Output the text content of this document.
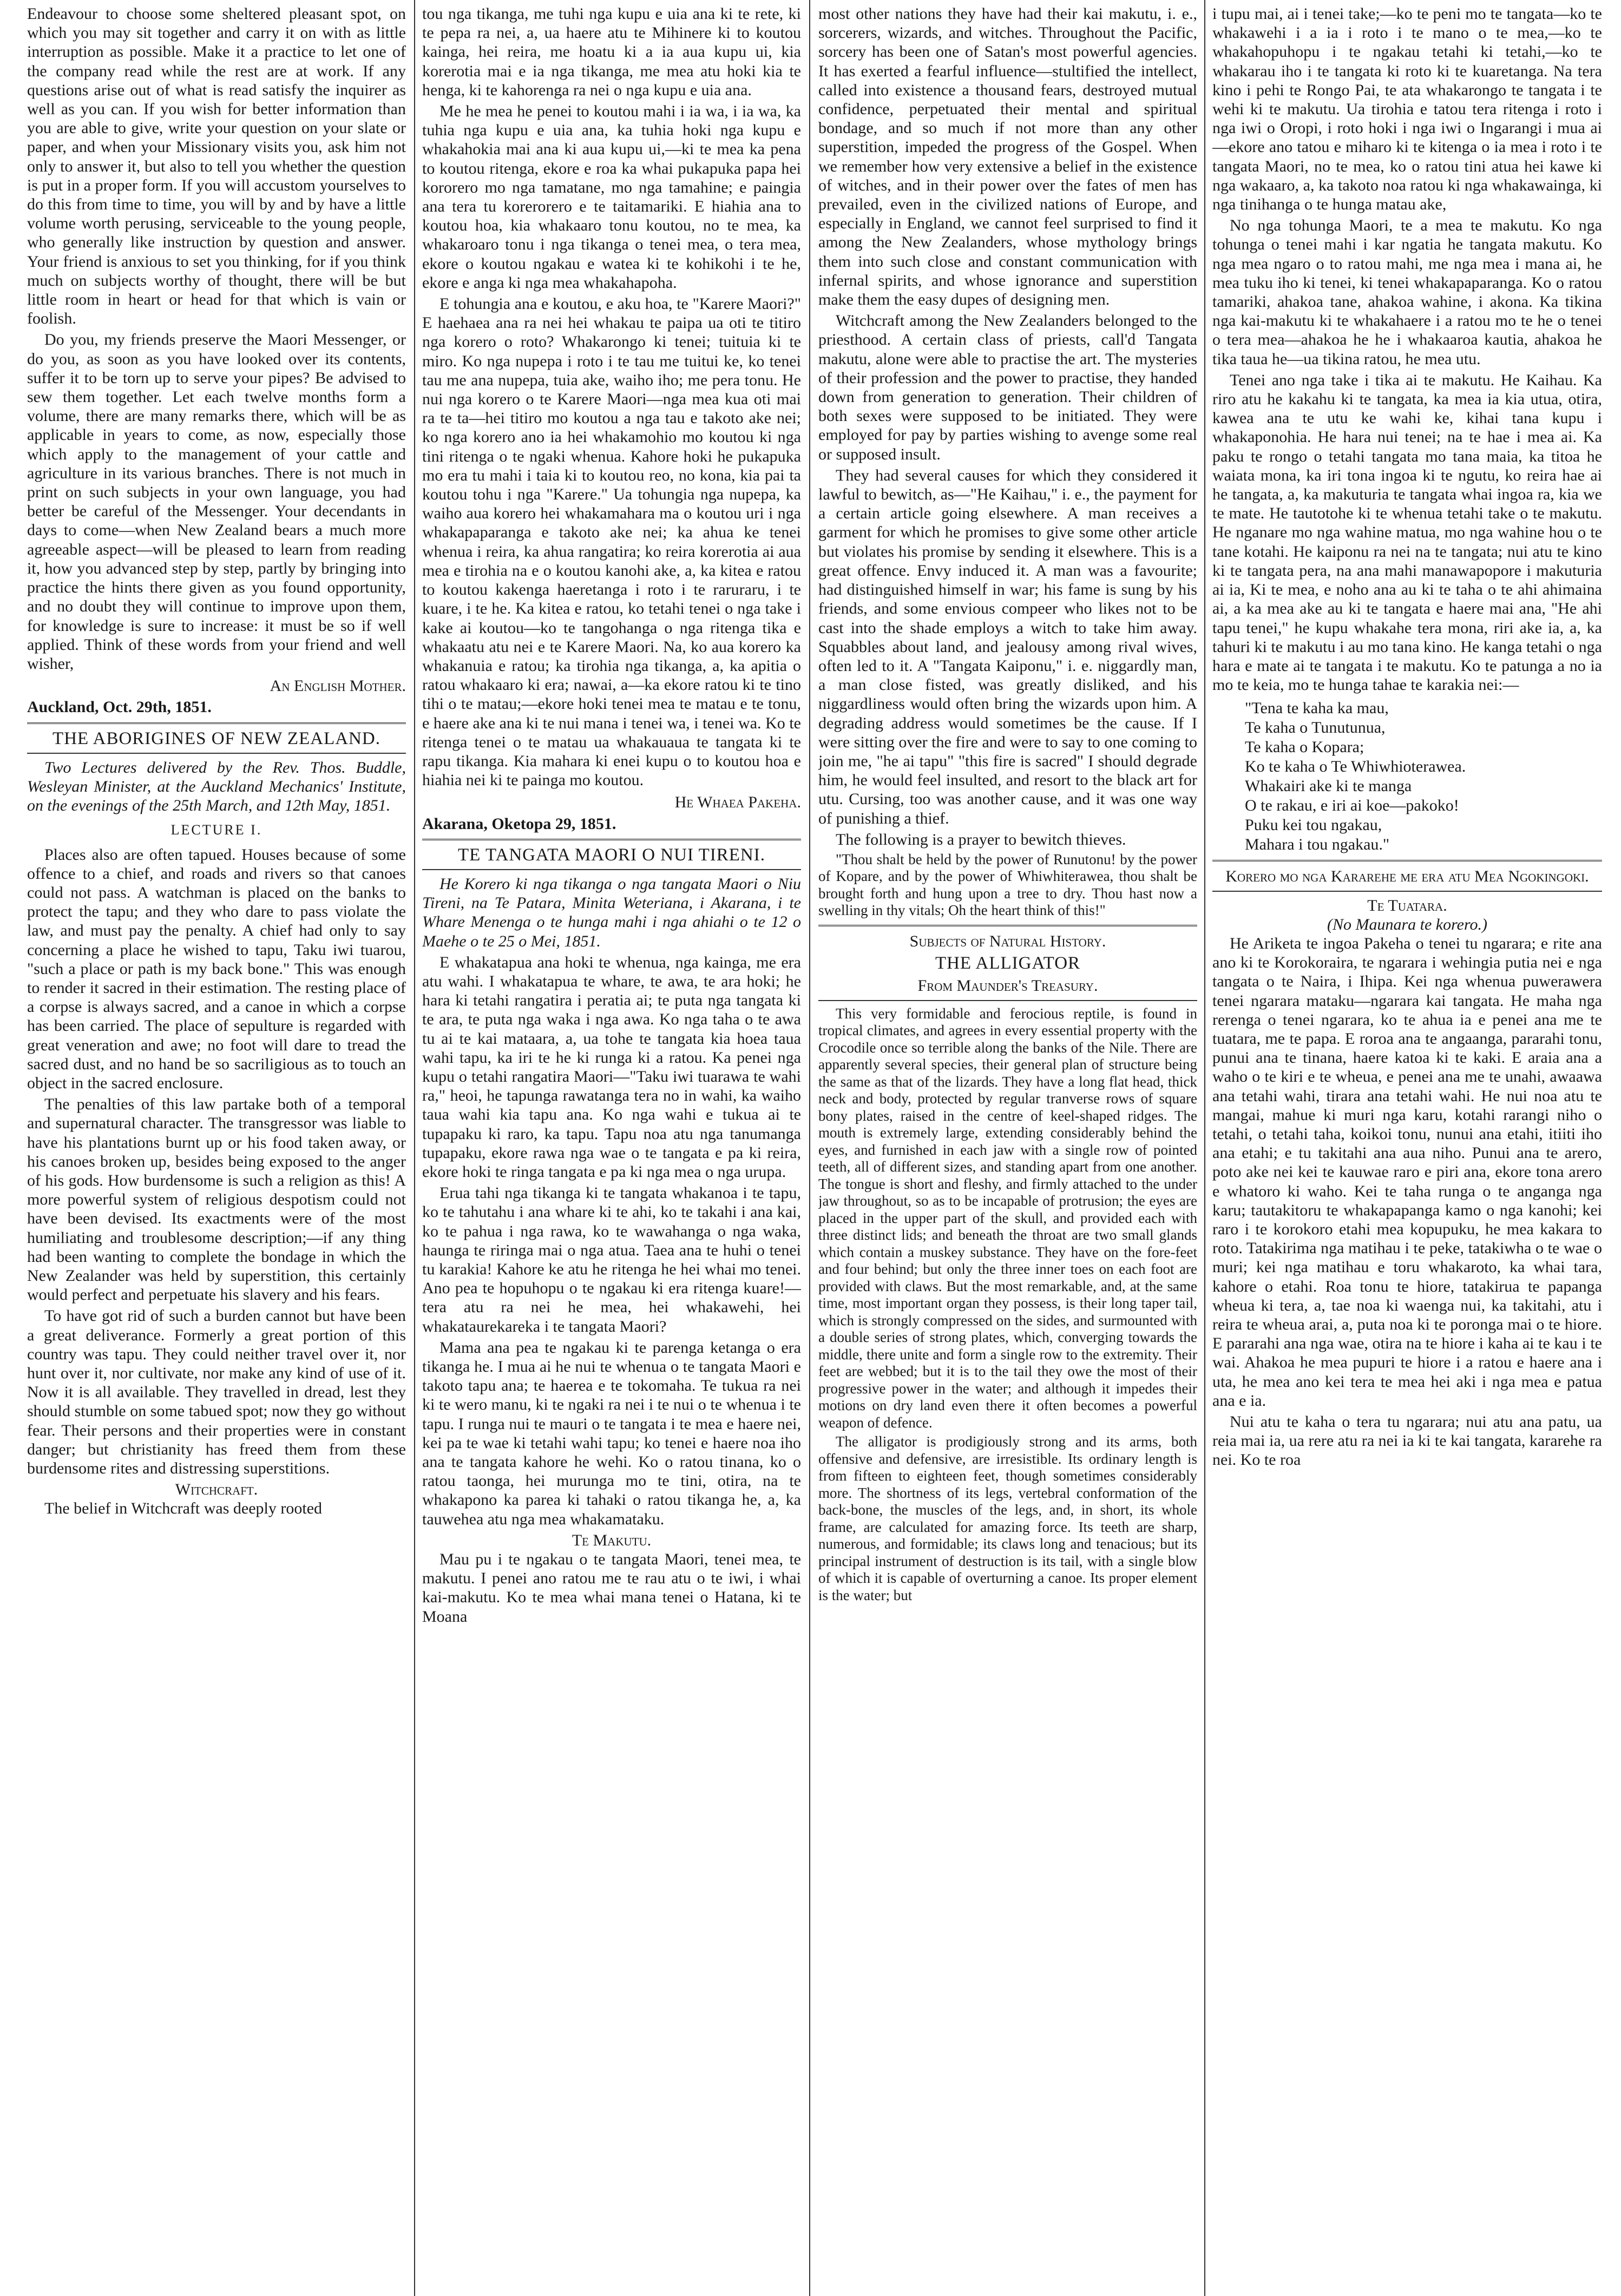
Endeavour to choose some sheltered pleasant spot, on which you may sit together and carry it on with as little interruption as possible. Make it a practice to let one of the company read while the rest are at work. If any questions arise out of what is read satisfy the inquirer as well as you can. If you wish for better information than you are able to give, write your question on your slate or paper, and when your Missionary visits you, ask him not only to answer it, but also to tell you whether the question is put in a proper form. If you will accustom yourselves to do this from time to time, you will by and by have a little volume worth perusing, serviceable to the young people, who generally like instruction by question and answer. Your friend is anxious to set you thinking, for if you think much on subjects worthy of thought, there will be but little room in heart or head for that which is vain or foolish.

Do you, my friends preserve the Maori Messenger, or do you, as soon as you have looked over its contents, suffer it to be torn up to serve your pipes? Be advised to sew them together. Let each twelve months form a volume, there are many remarks there, which will be as applicable in years to come, as now, especially those which apply to the management of your cattle and agriculture in its various branches. There is not much in print on such subjects in your own language, you had better be careful of the Messenger. Your decendants in days to come—when New Zealand bears a much more agreeable aspect—will be pleased to learn from reading it, how you advanced step by step, partly by bringing into practice the hints there given as you found opportunity, and no doubt they will continue to improve upon them, for knowledge is sure to increase: it must be so if well applied. Think of these words from your friend and well wisher,

An English Mother.
Auckland, Oct. 29th, 1851.
THE ABORIGINES OF NEW ZEALAND.

Two Lectures delivered by the Rev. Thos. Buddle, Wesleyan Minister, at the Auckland Mechanics' Institute, on the evenings of the 25th March, and 12th May, 1851.

LECTURE I.

Places also are often tapued. Houses because of some offence to a chief, and roads and rivers so that canoes could not pass. A watchman is placed on the banks to protect the tapu; and they who dare to pass violate the law, and must pay the penalty. A chief had only to say concerning a place he wished to tapu, Taku iwi tuarou, "such a place or path is my back bone." This was enough to render it sacred in their estimation. The resting place of a corpse is always sacred, and a canoe in which a corpse has been carried. The place of sepulture is regarded with great veneration and awe; no foot will dare to tread the sacred dust, and no hand be so sacriligious as to touch an object in the sacred enclosure.

The penalties of this law partake both of a temporal and supernatural character. The transgressor was liable to have his plantations burnt up or his food taken away, or his canoes broken up, besides being exposed to the anger of his gods. How burdensome is such a religion as this! A more powerful system of religious despotism could not have been devised. Its exactments were of the most humiliating and troublesome description;—if any thing had been wanting to complete the bondage in which the New Zealander was held by superstition, this certainly would perfect and perpetuate his slavery and his fears.

To have got rid of such a burden cannot but have been a great deliverance. Formerly a great portion of this country was tapu. They could neither travel over it, nor hunt over it, nor cultivate, nor make any kind of use of it. Now it is all available. They travelled in dread, lest they should stumble on some tabued spot; now they go without fear. Their persons and their properties were in constant danger; but christianity has freed them from these burdensome rites and distressing superstitions.

Witchcraft.

The belief in Witchcraft was deeply rooted

tou nga tikanga, me tuhi nga kupu e uia ana ki te rete, ki te pepa ra nei, a, ua haere atu te Mihinere ki to koutou kainga, hei reira, me hoatu ki a ia aua kupu ui, kia korerotia mai e ia nga tikanga, me mea atu hoki kia te henga, ki te kahorenga ra nei o nga kupu e uia ana.

Me he mea he penei to koutou mahi i ia wa, i ia wa, ka tuhia nga kupu e uia ana, ka tuhia hoki nga kupu e whakahokia mai ana ki aua kupu ui,—ki te mea ka pena to koutou ritenga, ekore e roa ka whai pukapuka papa hei kororero mo nga tamatane, mo nga tamahine; e paingia ana tera tu korerorero e te taitamariki. E hiahia ana to koutou hoa, kia whakaaro tonu koutou, no te mea, ka whakaroaro tonu i nga tikanga o tenei mea, o tera mea, ekore o koutou ngakau e watea ki te kohikohi i te he, ekore e anga ki nga mea whakahapoha.

E tohungia ana e koutou, e aku hoa, te "Karere Maori?" E haehaea ana ra nei hei whakau te paipa ua oti te titiro nga korero o roto? Whakarongo ki tenei; tuituia ki te miro. Ko nga nupepa i roto i te tau me tuitui ke, ko tenei tau me ana nupepa, tuia ake, waiho iho; me pera tonu. He nui nga korero o te Karere Maori—nga mea kua oti mai ra te ta—hei titiro mo koutou a nga tau e takoto ake nei; ko nga korero ano ia hei whakamohio mo koutou ki nga tini ritenga o te ngaki whenua. Kahore hoki he pukapuka mo era tu mahi i taia ki to koutou reo, no kona, kia pai ta koutou tohu i nga "Karere." Ua tohungia nga nupepa, ka waiho aua korero hei whakamahara ma o koutou uri i nga whakapaparanga e takoto ake nei; ka ahua ke tenei whenua i reira, ka ahua rangatira; ko reira korerotia ai aua mea e tirohia na e o koutou kanohi ake, a, ka kitea e ratou to koutou kakenga haeretanga i roto i te raruraru, i te kuare, i te he. Ka kitea e ratou, ko tetahi tenei o nga take i kake ai koutou—ko te tangohanga o nga ritenga tika e whakaatu atu nei e te Karere Maori. Na, ko aua korero ka whakanuia e ratou; ka tirohia nga tikanga, a, ka apitia o ratou whakaaro ki era; nawai, a—ka ekore ratou ki te tino tihi o te matau;—ekore hoki tenei mea te matau e te tonu, e haere ake ana ki te nui mana i tenei wa, i tenei wa. Ko te ritenga tenei o te matau ua whakauaua te tangata ki te rapu tikanga. Kia mahara ki enei kupu o to koutou hoa e hiahia nei ki te painga mo koutou.

He Whaea Pakeha.
Akarana, Oketopa 29, 1851.
TE TANGATA MAORI O NUI TIRENI.

He Korero ki nga tikanga o nga tangata Maori o Niu Tireni, na Te Patara, Minita Weteriana, i Akarana, i te Whare Menenga o te hunga mahi i nga ahiahi o te 12 o Maehe o te 25 o Mei, 1851.

E whakatapua ana hoki te whenua, nga kainga, me era atu wahi. I whakatapua te whare, te awa, te ara hoki; he hara ki tetahi rangatira i peratia ai; te puta nga tangata ki te ara, te puta nga waka i nga awa. Ko nga taha o te awa tu ai te kai mataara, a, ua tohe te tangata kia hoea taua wahi tapu, ka iri te he ki runga ki a ratou. Ka penei nga kupu o tetahi rangatira Maori—"Taku iwi tuarawa te wahi ra," heoi, he tapunga rawatanga tera no in wahi, ka waiho taua wahi kia tapu ana. Ko nga wahi e tukua ai te tupapaku ki raro, ka tapu. Tapu noa atu nga tanumanga tupapaku, ekore rawa nga wae o te tangata e pa ki reira, ekore hoki te ringa tangata e pa ki nga mea o nga urupa.

Erua tahi nga tikanga ki te tangata whakanoa i te tapu, ko te tahutahu i ana whare ki te ahi, ko te takahi i ana kai, ko te pahua i nga rawa, ko te wawahanga o nga waka, haunga te riringa mai o nga atua. Taea ana te huhi o tenei tu karakia! Kahore ke atu he ritenga he hei whai mo tenei. Ano pea te hopuhopu o te ngakau ki era ritenga kuare!—tera atu ra nei he mea, hei whakawehi, hei whakataurekareka i te tangata Maori?

Mama ana pea te ngakau ki te parenga ketanga o era tikanga he. I mua ai he nui te whenua o te tangata Maori e takoto tapu ana; te haerea e te tokomaha. Te tukua ra nei ki te wero manu, ki te ngaki ra nei i te nui o te whenua i te tapu. I runga nui te mauri o te tangata i te mea e haere nei, kei pa te wae ki tetahi wahi tapu; ko tenei e haere noa iho ana te tangata kahore he wehi. Ko o ratou tinana, ko o ratou taonga, hei murunga mo te tini, otira, na te whakapono ka parea ki tahaki o ratou tikanga he, a, ka tauwehea atu nga mea whakamataku.

Te Makutu.

Mau pu i te ngakau o te tangata Maori, tenei mea, te makutu. I penei ano ratou me te rau atu o te iwi, i whai kai-makutu. Ko te mea whai mana tenei o Hatana, ki te Moana

most other nations they have had their kai makutu, i. e., sorcerers, wizards, and witches. Throughout the Pacific, sorcery has been one of Satan's most powerful agencies. It has exerted a fearful influence—stultified the intellect, called into existence a thousand fears, destroyed mutual confidence, perpetuated their mental and spiritual bondage, and so much if not more than any other superstition, impeded the progress of the Gospel. When we remember how very extensive a belief in the existence of witches, and in their power over the fates of men has prevailed, even in the civilized nations of Europe, and especially in England, we cannot feel surprised to find it among the New Zealanders, whose mythology brings them into such close and constant communication with infernal spirits, and whose ignorance and superstition make them the easy dupes of designing men.

Witchcraft among the New Zealanders belonged to the priesthood. A certain class of priests, call'd Tangata makutu, alone were able to practise the art. The mysteries of their profession and the power to practise, they handed down from generation to generation. Their children of both sexes were supposed to be initiated. They were employed for pay by parties wishing to avenge some real or supposed insult.

They had several causes for which they considered it lawful to bewitch, as—"He Kaihau," i. e., the payment for a certain article going elsewhere. A man receives a garment for which he promises to give some other article but violates his promise by sending it elsewhere. This is a great offence. Envy induced it. A man was a favourite; had distinguished himself in war; his fame is sung by his friends, and some envious compeer who likes not to be cast into the shade employs a witch to take him away. Squabbles about land, and jealousy among rival wives, often led to it. A "Tangata Kaiponu," i. e. niggardly man, a man close fisted, was greatly disliked, and his niggardliness would often bring the wizards upon him. A degrading address would sometimes be the cause. If I were sitting over the fire and were to say to one coming to join me, "he ai tapu" "this fire is sacred" I should degrade him, he would feel insulted, and resort to the black art for utu. Cursing, too was another cause, and it was one way of punishing a thief.

The following is a prayer to bewitch thieves.

"Thou shalt be held by the power of Runutonu! by the power of Kopare, and by the power of Whiwhiterawea, thou shalt be brought forth and hung upon a tree to dry. Thou hast now a swelling in thy vitals; Oh the heart think of this!"

Subjects of Natural History.
THE ALLIGATOR
From Maunder's Treasury.

This very formidable and ferocious reptile, is found in tropical climates, and agrees in every essential property with the Crocodile once so terrible along the banks of the Nile. There are apparently several species, their general plan of structure being the same as that of the lizards. They have a long flat head, thick neck and body, protected by regular tranverse rows of square bony plates, raised in the centre of keel-shaped ridges. The mouth is extremely large, extending considerably behind the eyes, and furnished in each jaw with a single row of pointed teeth, all of different sizes, and standing apart from one another. The tongue is short and fleshy, and firmly attached to the under jaw throughout, so as to be incapable of protrusion; the eyes are placed in the upper part of the skull, and provided each with three distinct lids; and beneath the throat are two small glands which contain a muskey substance. They have on the fore-feet and four behind; but only the three inner toes on each foot are provided with claws. But the most remarkable, and, at the same time, most important organ they possess, is their long taper tail, which is strongly compressed on the sides, and surmounted with a double series of strong plates, which, converging towards the middle, there unite and form a single row to the extremity. Their feet are webbed; but it is to the tail they owe the most of their progressive power in the water; and although it impedes their motions on dry land even there it often becomes a powerful weapon of defence.

The alligator is prodigiously strong and its arms, both offensive and defensive, are irresistible. Its ordinary length is from fifteen to eighteen feet, though sometimes considerably more. The shortness of its legs, vertebral conformation of the back-bone, the muscles of the legs, and, in short, its whole frame, are calculated for amazing force. Its teeth are sharp, numerous, and formidable; its claws long and tenacious; but its principal instrument of destruction is its tail, with a single blow of which it is capable of overturning a canoe. Its proper element is the water; but

i tupu mai, ai i tenei take;—ko te peni mo te tangata—ko te whakawehi i a ia i roto i te mano o te mea,—ko te whakahopuhopu i te ngakau tetahi ki tetahi,—ko te whakarau iho i te tangata ki roto ki te kuaretanga. Na tera kino i pehi te Rongo Pai, te ata whakarongo te tangata i te wehi ki te makutu. Ua tirohia e tatou tera ritenga i roto i nga iwi o Oropi, i roto hoki i nga iwi o Ingarangi i mua ai—ekore ano tatou e miharo ki te kitenga o ia mea i roto i te tangata Maori, no te mea, ko o ratou tini atua hei kawe ki nga wakaaro, a, ka takoto noa ratou ki nga whakawainga, ki nga tinihanga o te hunga matau ake,

No nga tohunga Maori, te a mea te makutu. Ko nga tohunga o tenei mahi i kar ngatia he tangata makutu. Ko nga mea ngaro o to ratou mahi, me nga mea i mana ai, he mea tuku iho ki tenei, ki tenei whakapaparanga. Ko o ratou tamariki, ahakoa tane, ahakoa wahine, i akona. Ka tikina nga kai-makutu ki te whakahaere i a ratou mo te he o tenei o tera mea—ahakoa he he i whakaaroa kautia, ahakoa he tika taua he—ua tikina ratou, he mea utu.

Tenei ano nga take i tika ai te makutu. He Kaihau. Ka riro atu he kakahu ki te tangata, ka mea ia kia utua, otira, kawea ana te utu ke wahi ke, kihai tana kupu i whakaponohia. He hara nui tenei; na te hae i mea ai. Ka paku te rongo o tetahi tangata mo tana maia, ka titoa he waiata mona, ka iri tona ingoa ki te ngutu, ko reira hae ai he tangata, a, ka makuturia te tangata whai ingoa ra, kia we te mate. He tautotohe ki te whenua tetahi take o te makutu. He nganare mo nga wahine matua, mo nga wahine hou o te tane kotahi. He kaiponu ra nei na te tangata; nui atu te kino ki te tangata pera, na ana mahi manawapopore i makuturia ai ia, Ki te mea, e noho ana au ki te taha o te ahi ahimaina ai, a ka mea ake au ki te tangata e haere mai ana, "He ahi tapu tenei," he kupu whakahe tera mona, riri ake ia, a, ka tahuri ki te makutu i au mo tana kino. He kanga tetahi o nga hara e mate ai te tangata i te makutu. Ko te patunga a no ia mo te keia, mo te hunga tahae te karakia nei:—

"Tena te kaha ka mau,
Te kaha o Tunutunua,
Te kaha o Kopara;
Ko te kaha o Te Whiwhioterawea.
Whakairi ake ki te manga
O te rakau, e iri ai koe—pakoko!
Puku kei tou ngakau,
Mahara i tou ngakau."
Korero mo nga Kararehe me era atu Mea Ngokingoki.
Te Tuatara.
(No Maunara te korero.)

He Ariketa te ingoa Pakeha o tenei tu ngarara; e rite ana ano ki te Korokoraira, te ngarara i wehingia putia nei e nga tangata o te Naira, i Ihipa. Kei nga whenua puwerawera tenei ngarara mataku—ngarara kai tangata. He maha nga rerenga o tenei ngarara, ko te ahua ia e penei ana me te tuatara, me te papa. E roroa ana te angaanga, pararahi tonu, punui ana te tinana, haere katoa ki te kaki. E araia ana a waho o te kiri e te wheua, e penei ana me te unahi, awaawa ana tetahi wahi, tirara ana tetahi wahi. He nui noa atu te mangai, mahue ki muri nga karu, kotahi rarangi niho o tetahi, o tetahi taha, koikoi tonu, nunui ana etahi, itiiti iho ana etahi; e tu takitahi ana aua niho. Punui ana te arero, poto ake nei kei te kauwae raro e piri ana, ekore tona arero e whatoro ki waho. Kei te taha runga o te anganga nga karu; tautakitoru te whakapapanga kamo o nga kanohi; kei raro i te korokoro etahi mea kopupuku, he mea kakara to roto. Tatakirima nga matihau i te peke, tatakiwha o te wae o muri; kei nga matihau e toru whakaroto, ka whai tara, kahore o etahi. Roa tonu te hiore, tatakirua te papanga wheua ki tera, a, tae noa ki waenga nui, ka takitahi, atu i reira te wheua arai, a, puta noa ki te poronga mai o te hiore. E pararahi ana nga wae, otira na te hiore i kaha ai te kau i te wai. Ahakoa he mea pupuri te hiore i a ratou e haere ana i uta, he mea ano kei tera te mea hei aki i nga mea e patua ana e ia.

Nui atu te kaha o tera tu ngarara; nui atu ana patu, ua reia mai ia, ua rere atu ra nei ia ki te kai tangata, kararehe ra nei. Ko te roa
